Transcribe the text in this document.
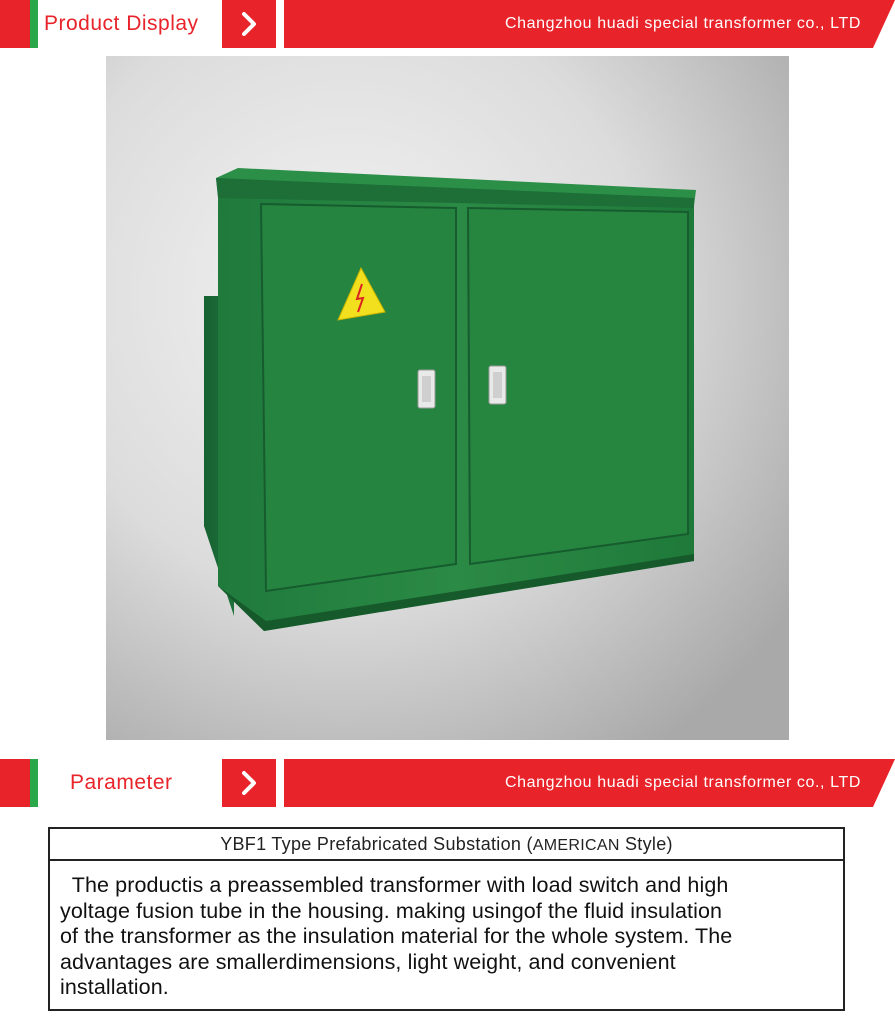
Product Display	Changzhou huadi special transformer co., LTD
Parameter	Changzhou huadi special transformer co., LTD
YBF1 Type Prefabricated Substation (AMERICAN Style)
The productis a preassembled transformer with load switch and high
yoltage fusion tube in the housing. making usingof the fluid insulation
of the transformer as the insulation material for the whole system. The
advantages are smallerdimensions, light weight, and convenient
installation.
